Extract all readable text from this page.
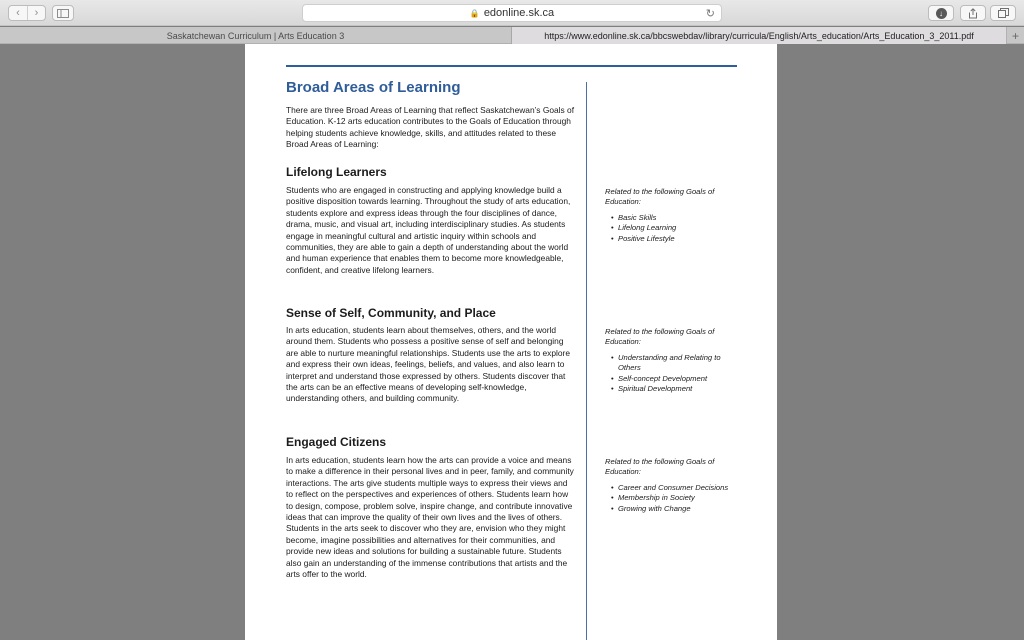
‹ ›	🔒 edonline.sk.ca	↻	↓
Saskatchewan Curriculum | Arts Education 3	https://www.edonline.sk.ca/bbcswebdav/library/curricula/English/Arts_education/Arts_Education_3_2011.pdf	+
Broad Areas of Learning
There are three Broad Areas of Learning that reflect Saskatchewan’s Goals of Education. K-12 arts education contributes to the Goals of Education through helping students achieve knowledge, skills, and attitudes related to these Broad Areas of Learning:
Lifelong Learners
Students who are engaged in constructing and applying knowledge build a positive disposition towards learning. Throughout the study of arts education, students explore and express ideas through the four disciplines of dance, drama, music, and visual art, including interdisciplinary studies. As students engage in meaningful cultural and artistic inquiry within schools and communities, they are able to gain a depth of understanding about the world and human experience that enables them to become more knowledgeable, confident, and creative lifelong learners.
Sense of Self, Community, and Place
In arts education, students learn about themselves, others, and the world around them. Students who possess a positive sense of self and belonging are able to nurture meaningful relationships. Students use the arts to explore and express their own ideas, feelings, beliefs, and values, and also learn to interpret and understand those expressed by others. Students discover that the arts can be an effective means of developing self-knowledge, understanding others, and building community.
Engaged Citizens
In arts education, students learn how the arts can provide a voice and means to make a difference in their personal lives and in peer, family, and community interactions. The arts give students multiple ways to express their views and to reflect on the perspectives and experiences of others. Students learn how to design, compose, problem solve, inspire change, and contribute innovative ideas that can improve the quality of their own lives and the lives of others. Students in the arts seek to discover who they are, envision who they might become, imagine possibilities and alternatives for their communities, and provide new ideas and solutions for building a sustainable future. Students also gain an understanding of the immense contributions that artists and the arts offer to the world.
Related to the following Goals of Education:
• Basic Skills
• Lifelong Learning
• Positive Lifestyle
Related to the following Goals of Education:
• Understanding and Relating to Others
• Self-concept Development
• Spiritual Development
Related to the following Goals of Education:
• Career and Consumer Decisions
• Membership in Society
• Growing with Change
